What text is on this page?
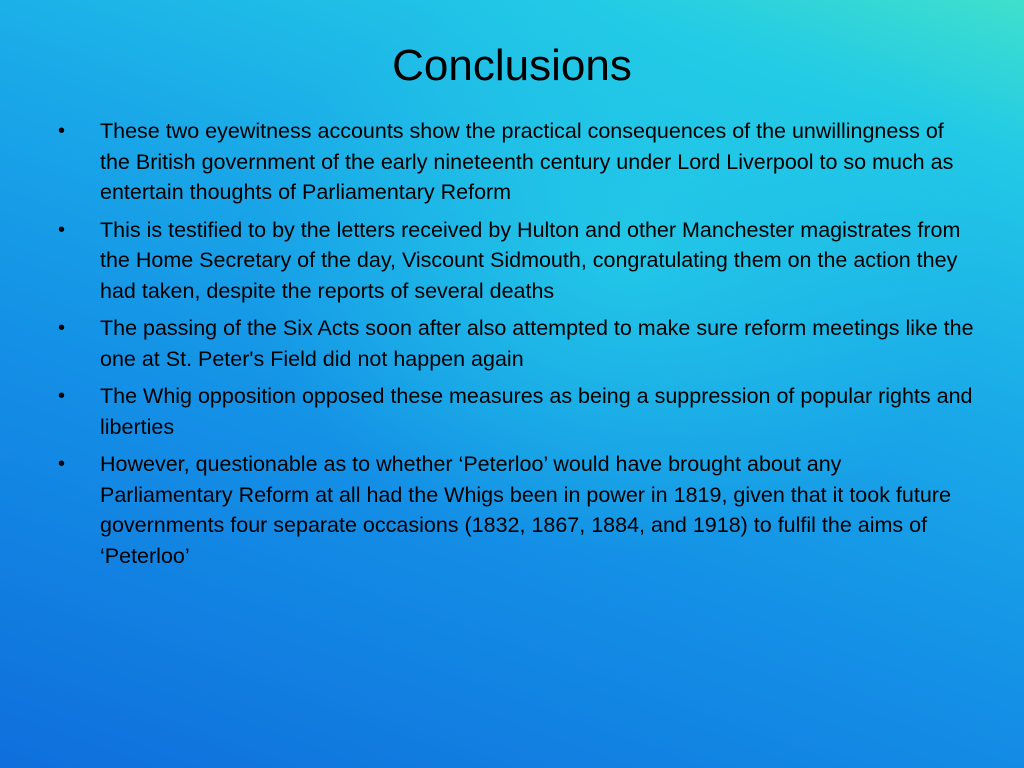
Conclusions
• These two eyewitness accounts show the practical consequences of the unwillingness of the British government of the early nineteenth century under Lord Liverpool to so much as entertain thoughts of Parliamentary Reform
• This is testified to by the letters received by Hulton and other Manchester magistrates from the Home Secretary of the day, Viscount Sidmouth, congratulating them on the action they had taken, despite the reports of several deaths
• The passing of the Six Acts soon after also attempted to make sure reform meetings like the one at St. Peter's Field did not happen again
• The Whig opposition opposed these measures as being a suppression of popular rights and liberties
• However, questionable as to whether ‘Peterloo’ would have brought about any Parliamentary Reform at all had the Whigs been in power in 1819, given that it took future governments four separate occasions (1832, 1867, 1884, and 1918) to fulfil the aims of ‘Peterloo’
